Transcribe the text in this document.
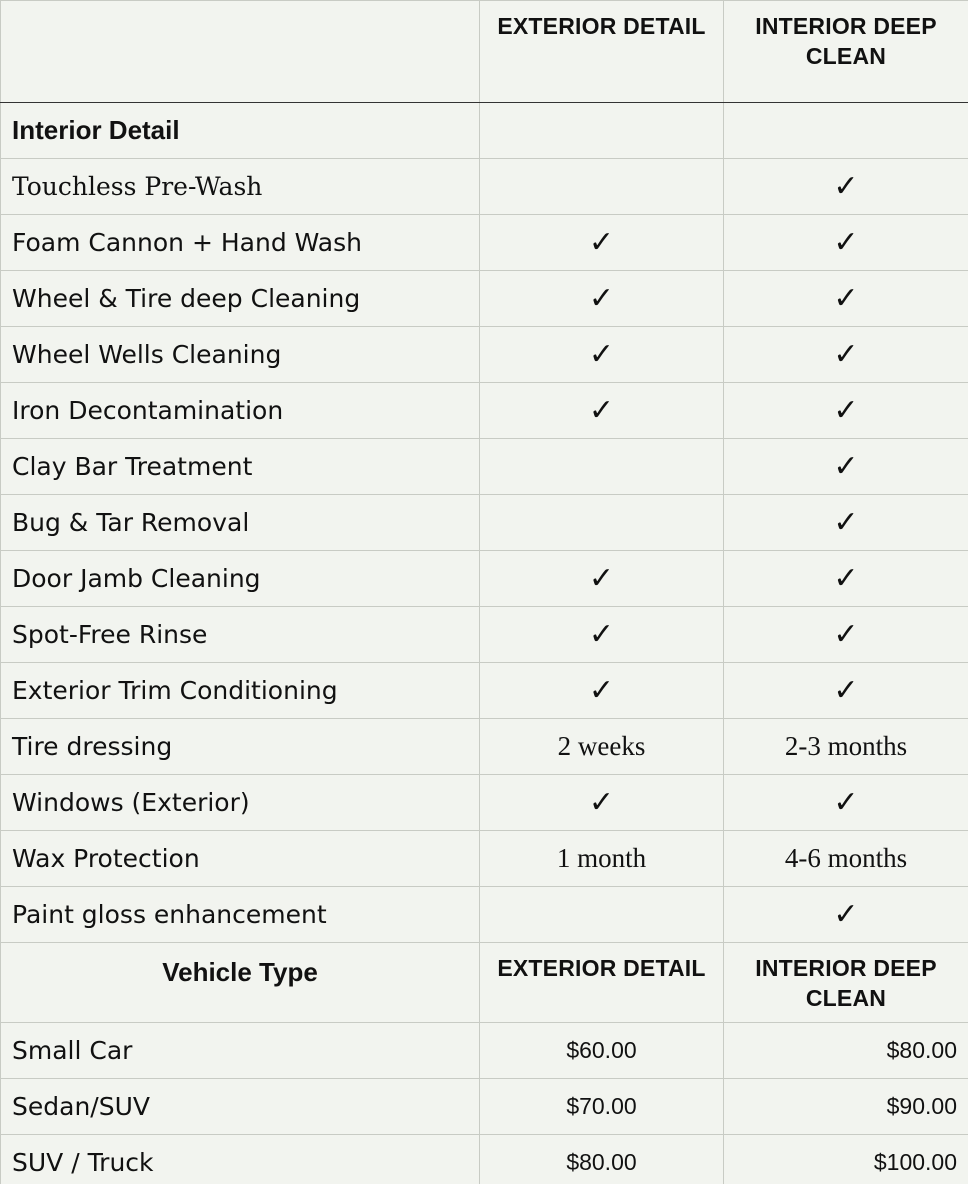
	EXTERIOR DETAIL	INTERIOR DEEP CLEAN

Interior Detail		

Touchless Pre-Wash		✓

Foam Cannon + Hand Wash	✓	✓

Wheel & Tire deep Cleaning	✓	✓

Wheel Wells Cleaning	✓	✓

Iron Decontamination	✓	✓

Clay Bar Treatment		✓

Bug & Tar Removal		✓

Door Jamb Cleaning	✓	✓

Spot-Free Rinse	✓	✓

Exterior Trim Conditioning	✓	✓

Tire dressing	2 weeks	2-3 months

Windows (Exterior)	✓	✓

Wax Protection	1 month	4-6 months

Paint gloss enhancement		✓

Vehicle Type	EXTERIOR DETAIL	INTERIOR DEEP CLEAN

Small Car	$60.00	$80.00

Sedan/SUV	$70.00	$90.00

SUV / Truck	$80.00	$100.00
